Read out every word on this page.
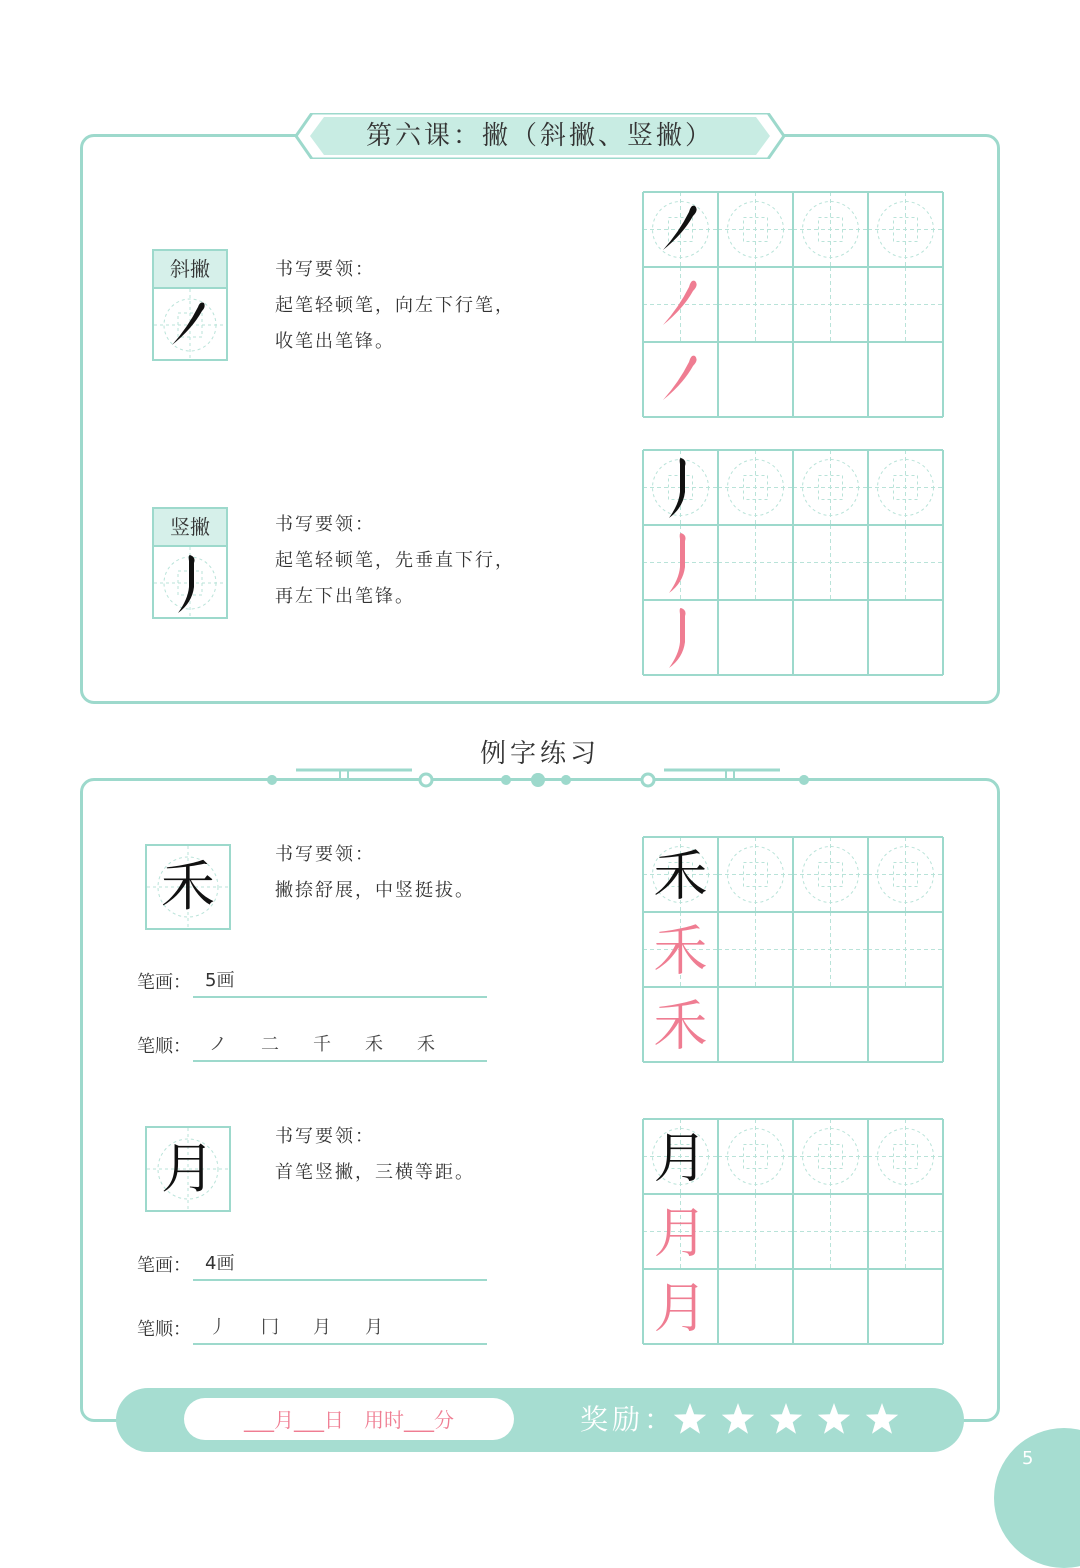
第六课：撇（斜撇、竖撇）
斜撇	书写要领：
起笔轻顿笔，向左下行笔，
收笔出笔锋。
竖撇	书写要领：
起笔轻顿笔，先垂直下行，
再左下出笔锋。
例字练习
禾
书写要领：
撇捺舒展，中竖挺拔。
笔画： 5画
笔顺： ノ 二 千 禾 禾
禾
禾
禾
月
书写要领：
首笔竖撇，三横等距。
笔画： 4画
笔顺： 丿 冂 月 月
月
月
月
___月___日　用时___分	奖励：
5
